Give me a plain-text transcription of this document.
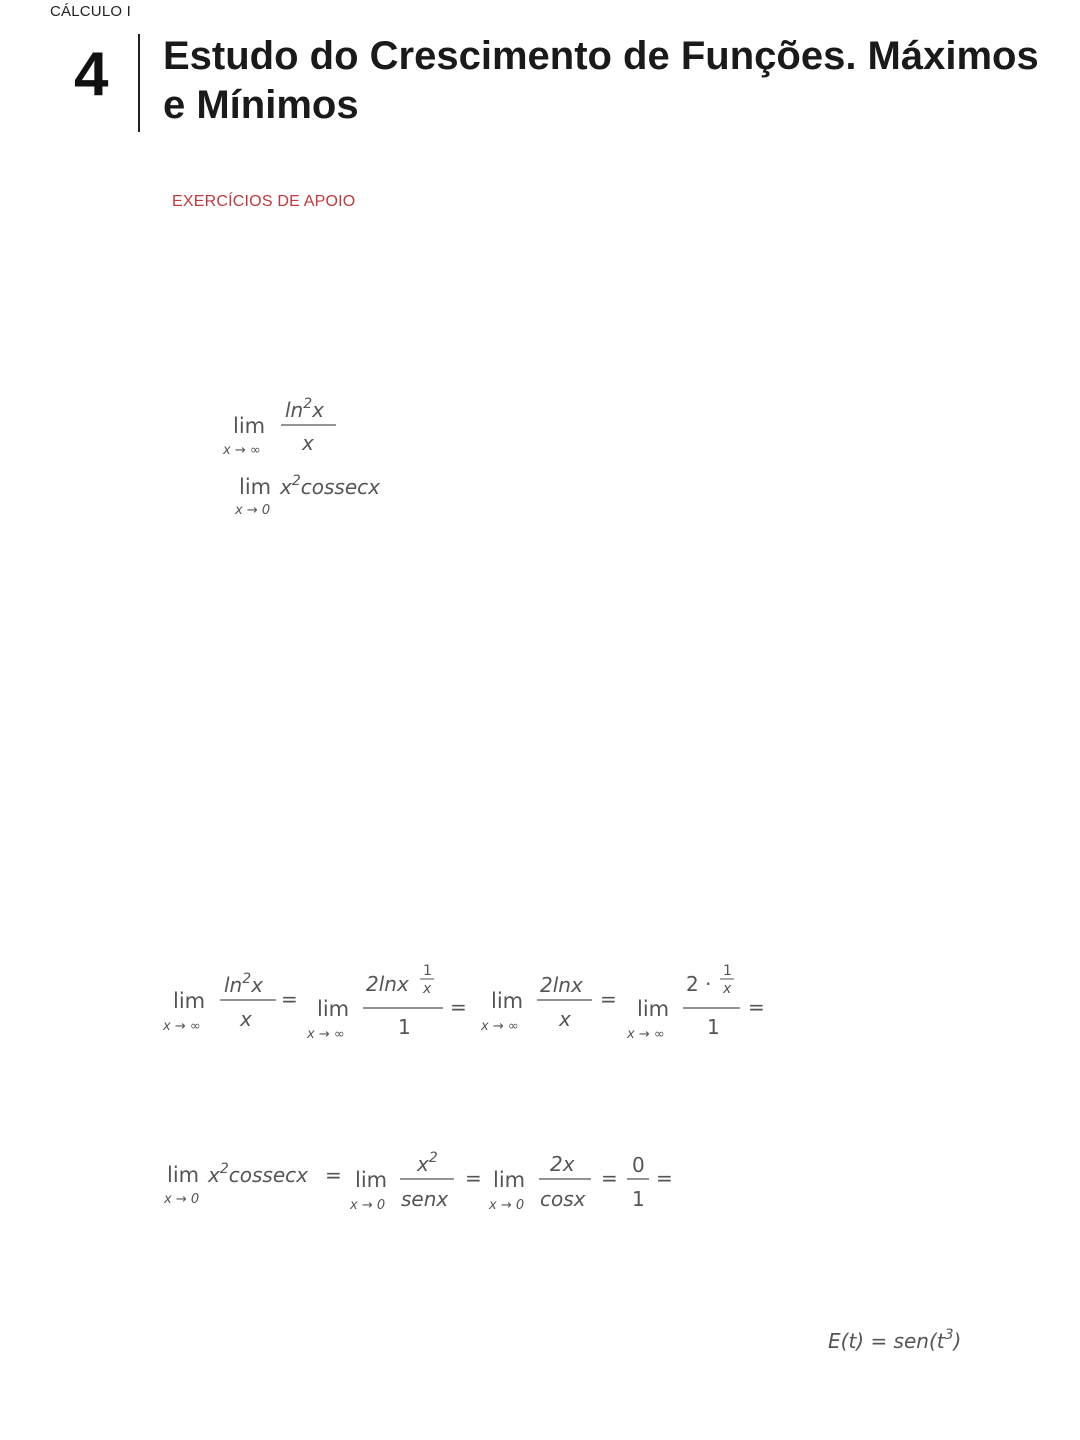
CÁLCULO I
4 Estudo do Crescimento de Funções. Máximos e Mínimos
EXERCÍCIOS DE APOIO
lim
x → ∞
$\ln^2x$
x
lim
x → 0
$x^2cossecx$
lim
x → ∞
$\ln^2x$
x
= lim
x → ∞
2lnx
1
x
1
= lim
x → ∞
2lnx
x
= lim
x → ∞
2 ·
1
x
1
=
lim
x → 0
$x^2cossecx = \lim$
x → 0
$x^2$
senx
= lim
x → 0
2x
cosx
=
0
1
=
$E(t) = sen(t^3)$
